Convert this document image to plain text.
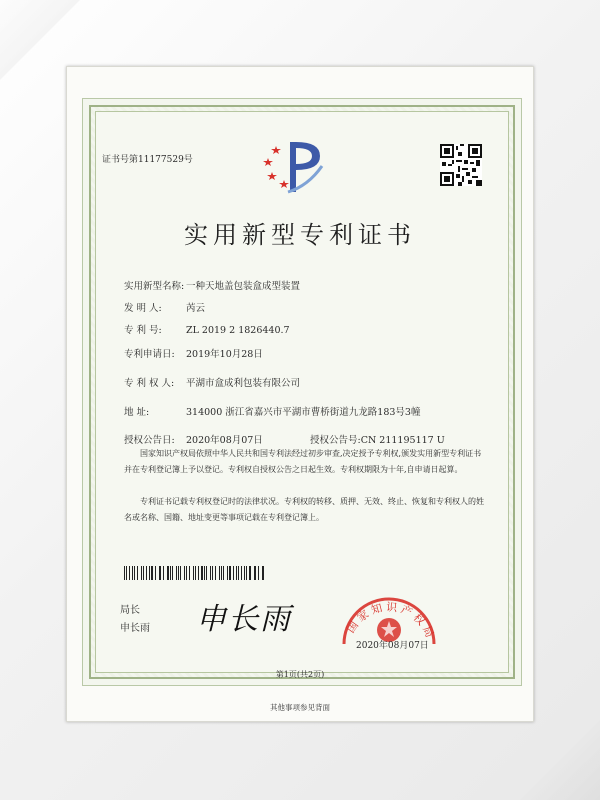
证书号第11177529号
实用新型专利证书
实用新型名称: 一种天地盖包装盒成型装置
发 明 人:	芮云
专 利 号:	ZL 2019 2 1826440.7
专利申请日: 2019年10月28日
专 利 权 人: 平湖市盒成利包装有限公司
地 址:	314000 浙江省嘉兴市平湖市曹桥街道九龙路183号3幢
授权公告日: 2020年08月07日	授权公告号:CN 211195117 U
国家知识产权局依照中华人民共和国专利法经过初步审查,决定授予专利权,颁发实用新型专利证书并在专利登记簿上予以登记。专利权自授权公告之日起生效。专利权期限为十年,自申请日起算。
专利证书记载专利权登记时的法律状况。专利权的转移、质押、无效、终止、恢复和专利权人的姓名或名称、国籍、地址变更等事项记载在专利登记簿上。
局长
申长雨 申长雨	国家知识产权局
2020年08月07日
第1页(共2页)
其他事项参见背面
